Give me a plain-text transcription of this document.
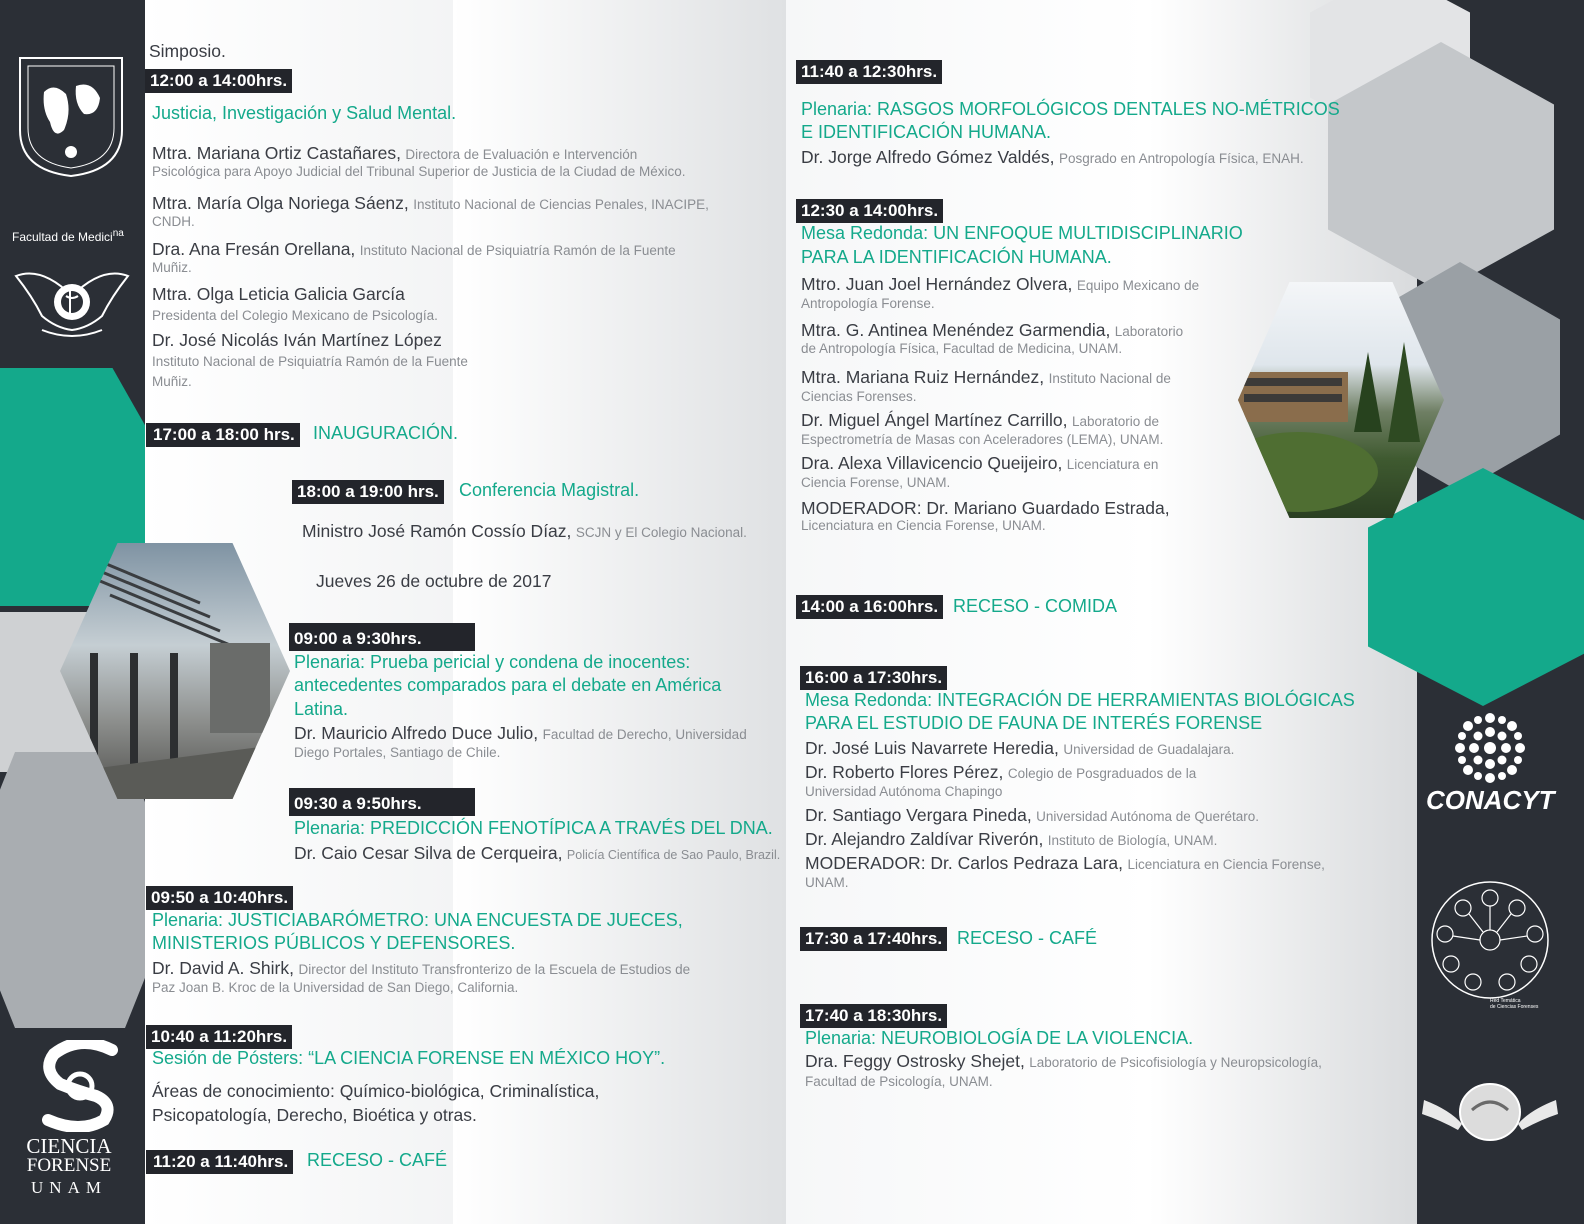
Facultad de Medici$^{na}$
CIENCIA
FORENSE
UNAM
CONACYT
Red Temática
de Ciencias Forenses
Simposio.
12:00 a 14:00hrs.
Justicia, Investigación y Salud Mental.
Mtra. Mariana Ortiz Castañares, Directora de Evaluación e Intervención
Psicológica para Apoyo Judicial del Tribunal Superior de Justicia de la Ciudad de México.
Mtra. María Olga Noriega Sáenz, Instituto Nacional de Ciencias Penales, INACIPE,
CNDH.
Dra. Ana Fresán Orellana, Instituto Nacional de Psiquiatría Ramón de la Fuente
Muñiz.
Mtra. Olga Leticia Galicia García
Presidenta del Colegio Mexicano de Psicología.
Dr. José Nicolás Iván Martínez López
Instituto Nacional de Psiquiatría Ramón de la Fuente
Muñiz.
17:00 a 18:00 hrs. INAUGURACIÓN.
18:00 a 19:00 hrs. Conferencia Magistral.
Ministro José Ramón Cossío Díaz, SCJN y El Colegio Nacional.
Jueves 26 de octubre de 2017
09:00 a 9:30hrs.
Plenaria: Prueba pericial y condena de inocentes:
antecedentes comparados para el debate en América
Latina.
Dr. Mauricio Alfredo Duce Julio, Facultad de Derecho, Universidad
Diego Portales, Santiago de Chile.
09:30 a 9:50hrs.
Plenaria: PREDICCIÓN FENOTÍPICA A TRAVÉS DEL DNA.
Dr. Caio Cesar Silva de Cerqueira, Policía Científica de Sao Paulo, Brazil.
09:50 a 10:40hrs.
Plenaria: JUSTICIABARÓMETRO: UNA ENCUESTA DE JUECES,
MINISTERIOS PÚBLICOS Y DEFENSORES.
Dr. David A. Shirk, Director del Instituto Transfronterizo de la Escuela de Estudios de
Paz Joan B. Kroc de la Universidad de San Diego, California.
10:40 a 11:20hrs.
Sesión de Pósters: “LA CIENCIA FORENSE EN MÉXICO HOY”.
Áreas de conocimiento: Químico-biológica, Criminalística,
Psicopatología, Derecho, Bioética y otras.
11:20 a 11:40hrs. RECESO - CAFÉ
11:40 a 12:30hrs.
Plenaria: RASGOS MORFOLÓGICOS DENTALES NO-MÉTRICOS
E IDENTIFICACIÓN HUMANA.
Dr. Jorge Alfredo Gómez Valdés, Posgrado en Antropología Física, ENAH.
12:30 a 14:00hrs.
Mesa Redonda: UN ENFOQUE MULTIDISCIPLINARIO
PARA LA IDENTIFICACIÓN HUMANA.
Mtro. Juan Joel Hernández Olvera, Equipo Mexicano de
Antropología Forense.
Mtra. G. Antinea Menéndez Garmendia, Laboratorio
de Antropología Física, Facultad de Medicina, UNAM.
Mtra. Mariana Ruiz Hernández, Instituto Nacional de
Ciencias Forenses.
Dr. Miguel Ángel Martínez Carrillo, Laboratorio de
Espectrometría de Masas con Aceleradores (LEMA), UNAM.
Dra. Alexa Villavicencio Queijeiro, Licenciatura en
Ciencia Forense, UNAM.
MODERADOR: Dr. Mariano Guardado Estrada,
Licenciatura en Ciencia Forense, UNAM.
14:00 a 16:00hrs. RECESO - COMIDA
16:00 a 17:30hrs.
Mesa Redonda: INTEGRACIÓN DE HERRAMIENTAS BIOLÓGICAS
PARA EL ESTUDIO DE FAUNA DE INTERÉS FORENSE
Dr. José Luis Navarrete Heredia, Universidad de Guadalajara.
Dr. Roberto Flores Pérez, Colegio de Posgraduados de la
Universidad Autónoma Chapingo
Dr. Santiago Vergara Pineda, Universidad Autónoma de Querétaro.
Dr. Alejandro Zaldívar Riverón, Instituto de Biología, UNAM.
MODERADOR: Dr. Carlos Pedraza Lara, Licenciatura en Ciencia Forense,
UNAM.
17:30 a 17:40hrs. RECESO - CAFÉ
17:40 a 18:30hrs.
Plenaria: NEUROBIOLOGÍA DE LA VIOLENCIA.
Dra. Feggy Ostrosky Shejet, Laboratorio de Psicofisiología y Neuropsicología,
Facultad de Psicología, UNAM.
